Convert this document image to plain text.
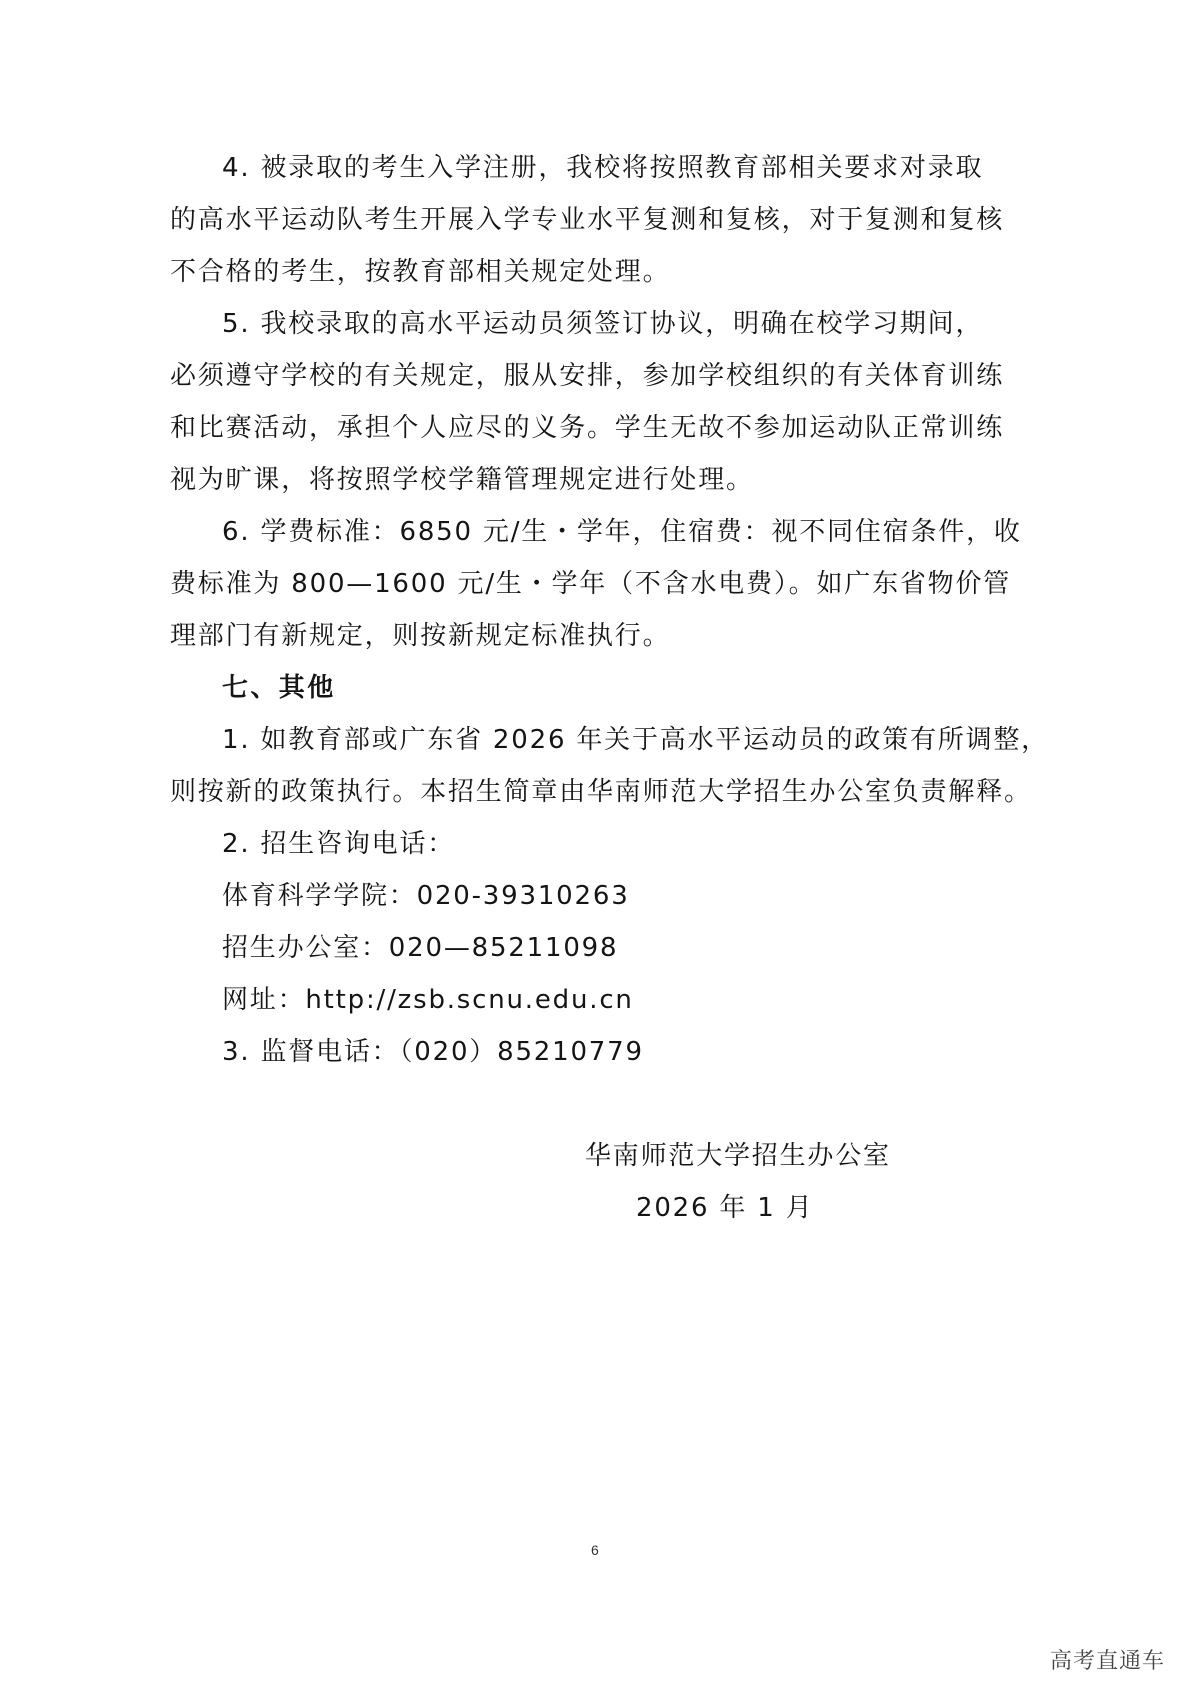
4. 被录取的考生入学注册，我校将按照教育部相关要求对录取
的高水平运动队考生开展入学专业水平复测和复核，对于复测和复核
不合格的考生，按教育部相关规定处理。
5. 我校录取的高水平运动员须签订协议，明确在校学习期间，
必须遵守学校的有关规定，服从安排，参加学校组织的有关体育训练
和比赛活动，承担个人应尽的义务。学生无故不参加运动队正常训练
视为旷课，将按照学校学籍管理规定进行处理。
6. 学费标准：6850 元/生・学年，住宿费：视不同住宿条件，收
费标准为 800—1600 元/生・学年（不含水电费）。如广东省物价管
理部门有新规定，则按新规定标准执行。
七、其他
1. 如教育部或广东省 2026 年关于高水平运动员的政策有所调整，
则按新的政策执行。本招生简章由华南师范大学招生办公室负责解释。
2. 招生咨询电话：
体育科学学院：020-39310263
招生办公室：020—85211098
网址：http://zsb.scnu.edu.cn
3. 监督电话：（020）85210779
华南师范大学招生办公室
2026 年 1 月
6
高考直通车
